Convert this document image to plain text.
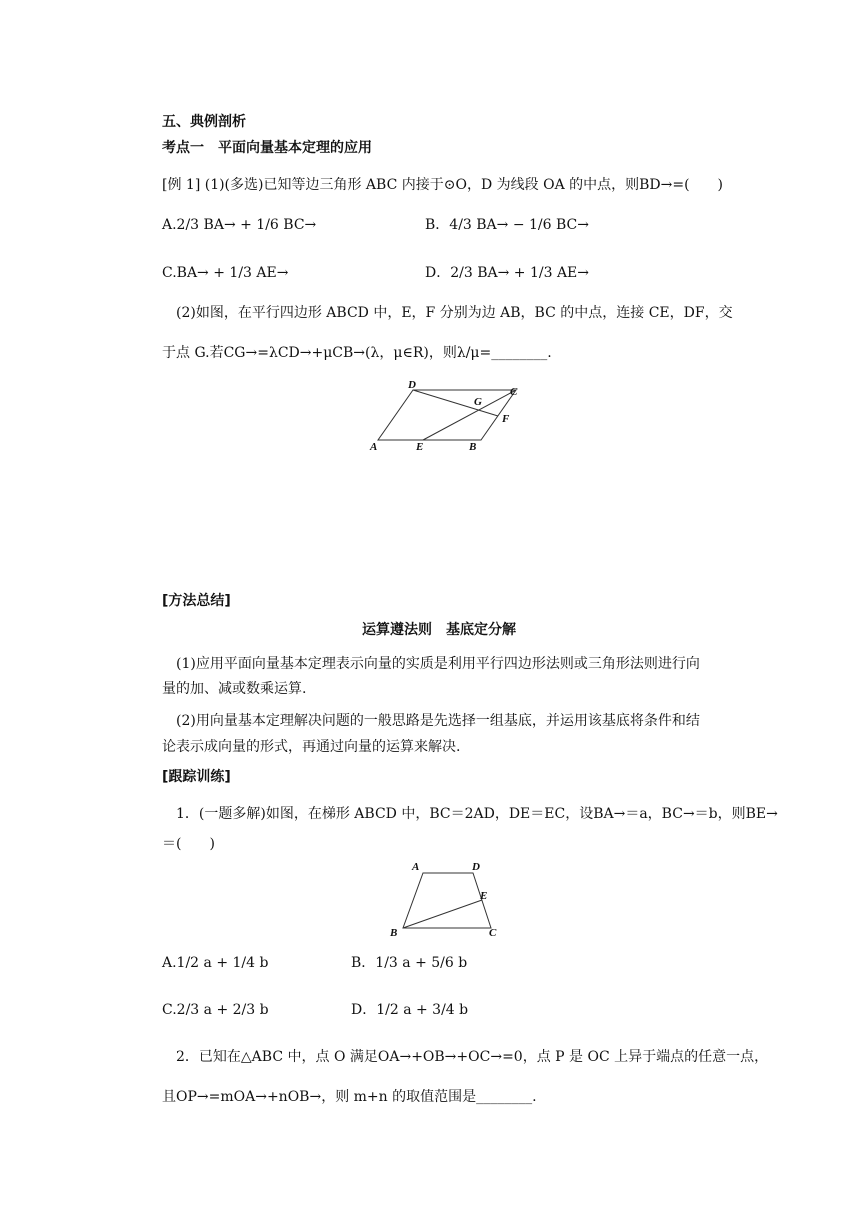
五、典例剖析
考点一　平面向量基本定理的应用
[例 1] (1)(多选)已知等边三角形 ABC 内接于⊙O，D 为线段 OA 的中点，则BD→=(　　)
A.2/3 BA→ + 1/6 BC→	B．4/3 BA→ − 1/6 BC→
C.BA→ + 1/3 AE→	D．2/3 BA→ + 1/3 AE→
(2)如图，在平行四边形 ABCD 中，E，F 分别为边 AB，BC 的中点，连接 CE，DF，交
于点 G.若CG→=λCD→+μCB→(λ，μ∈R)，则λ/μ=________.
A	E	B
D
C
G
F
[方法总结]
运算遵法则　基底定分解
(1)应用平面向量基本定理表示向量的实质是利用平行四边形法则或三角形法则进行向
量的加、减或数乘运算.
(2)用向量基本定理解决问题的一般思路是先选择一组基底，并运用该基底将条件和结
论表示成向量的形式，再通过向量的运算来解决.
[跟踪训练]
1．(一题多解)如图，在梯形 ABCD 中，BC＝2AD，DE＝EC，设BA→＝a，BC→＝b，则BE→
＝(　　)
A	D
E
B	C
A.1/2 a + 1/4 b	B．1/3 a + 5/6 b
C.2/3 a + 2/3 b	D．1/2 a + 3/4 b
2．已知在△ABC 中，点 O 满足OA→+OB→+OC→=0，点 P 是 OC 上异于端点的任意一点，
且OP→=mOA→+nOB→，则 m+n 的取值范围是________.
